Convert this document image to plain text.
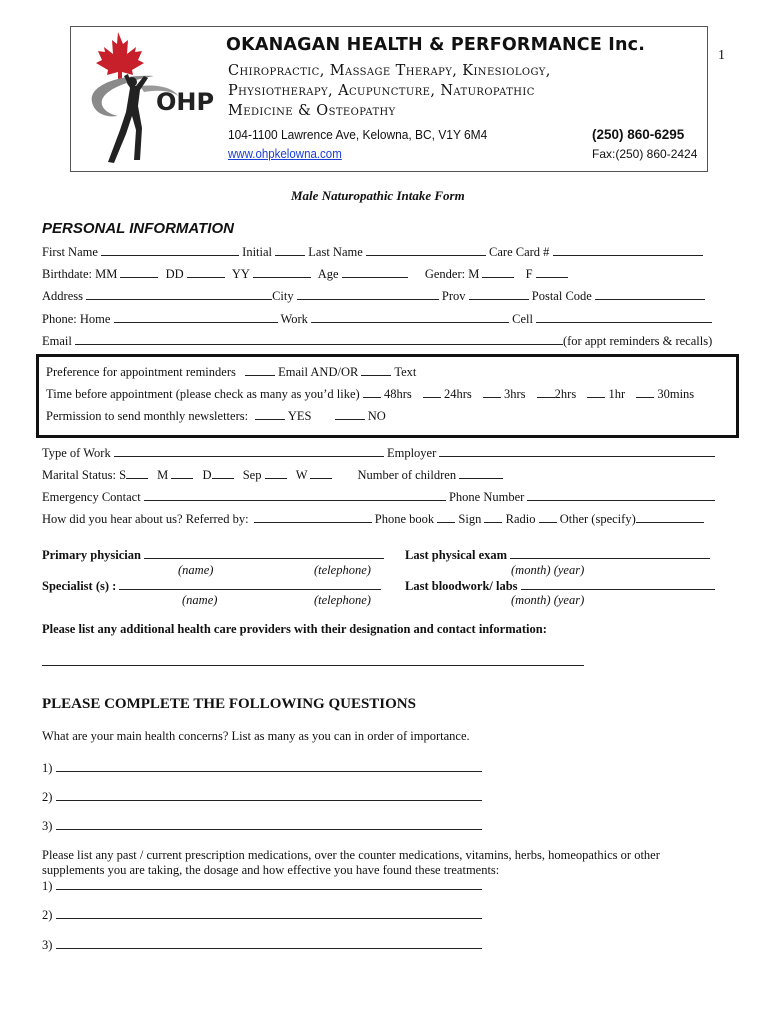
1
OHP
OKANAGAN HEALTH & PERFORMANCE Inc.
Chiropractic, Massage Therapy, Kinesiology,
Physiotherapy, Acupuncture, Naturopathic
Medicine & Osteopathy
104-1100 Lawrence Ave, Kelowna, BC, V1Y 6M4	(250) 860-6295
www.ohpkelowna.com	Fax:(250) 860-2424
Male Naturopathic Intake Form
PERSONAL INFORMATION
First Name	Initial	Last Name	Care Card #
Birthdate: MM	DD	YY	Age	Gender: M	F
Address	City	Prov	Postal Code
Phone: Home	Work	Cell
Email	(for appt reminders & recalls)
Preference for appointment reminders	Email AND/OR	Text
Time before appointment (please check as many as you’d like) 48hrs	24hrs	3hrs 2hrs	1hr	30mins
Permission to send monthly newsletters:	YES	NO
Type of Work	Employer
Marital Status: S M	D Sep	W	Number of children
Emergency Contact	Phone Number
How did you hear about us? Referred by:	Phone book Sign Radio Other (specify)
Primary physician
(name)	(telephone)
Specialist (s) :
(name)	(telephone)
Last physical exam
(month) (year)
Last bloodwork/ labs
(month) (year)
Please list any additional health care providers with their designation and contact information:
PLEASE COMPLETE THE FOLLOWING QUESTIONS
What are your main health concerns? List as many as you can in order of importance.
1)
2)
3)
Please list any past / current prescription medications, over the counter medications, vitamins, herbs, homeopathics or other
supplements you are taking, the dosage and how effective you have found these treatments:
1)
2)
3)
